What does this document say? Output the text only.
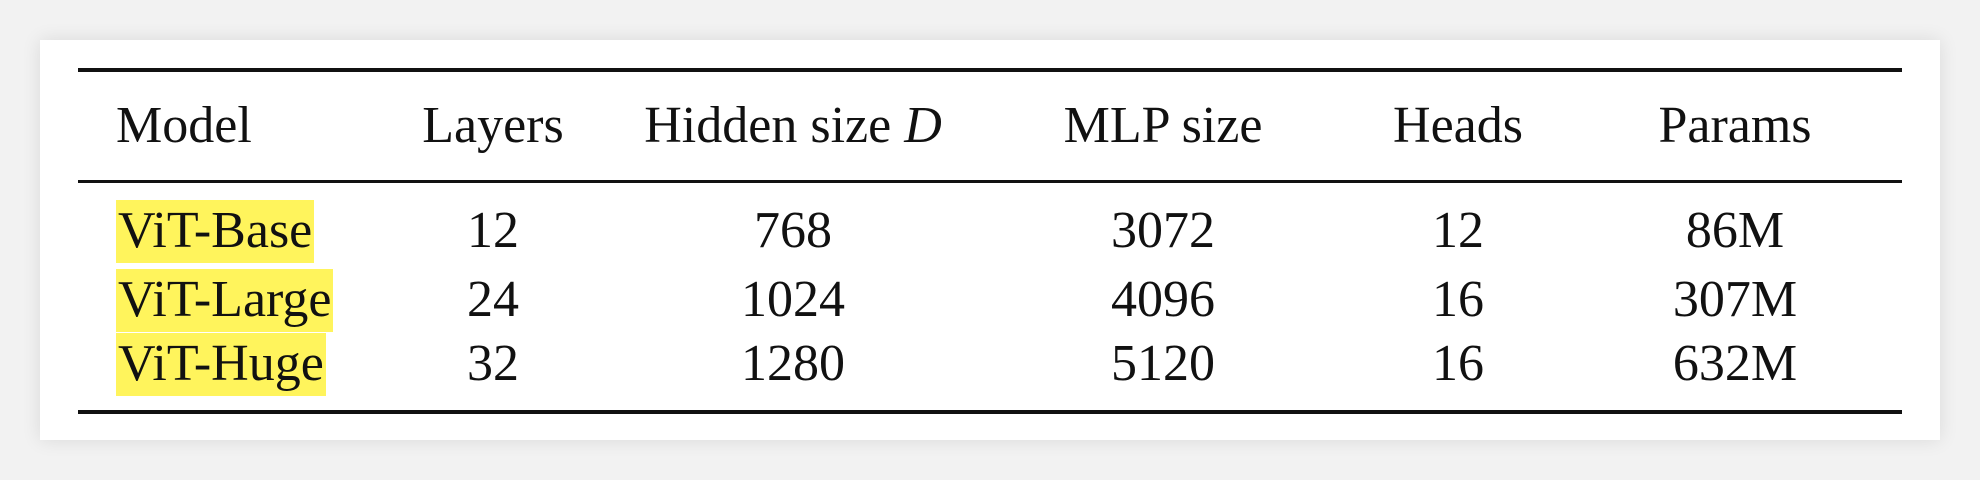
Model	Layers	Hidden size D	MLP size	Heads	Params
ViT-Base	12	768	3072	12	86M
ViT-Large	24	1024	4096	16	307M
ViT-Huge	32	1280	5120	16	632M
